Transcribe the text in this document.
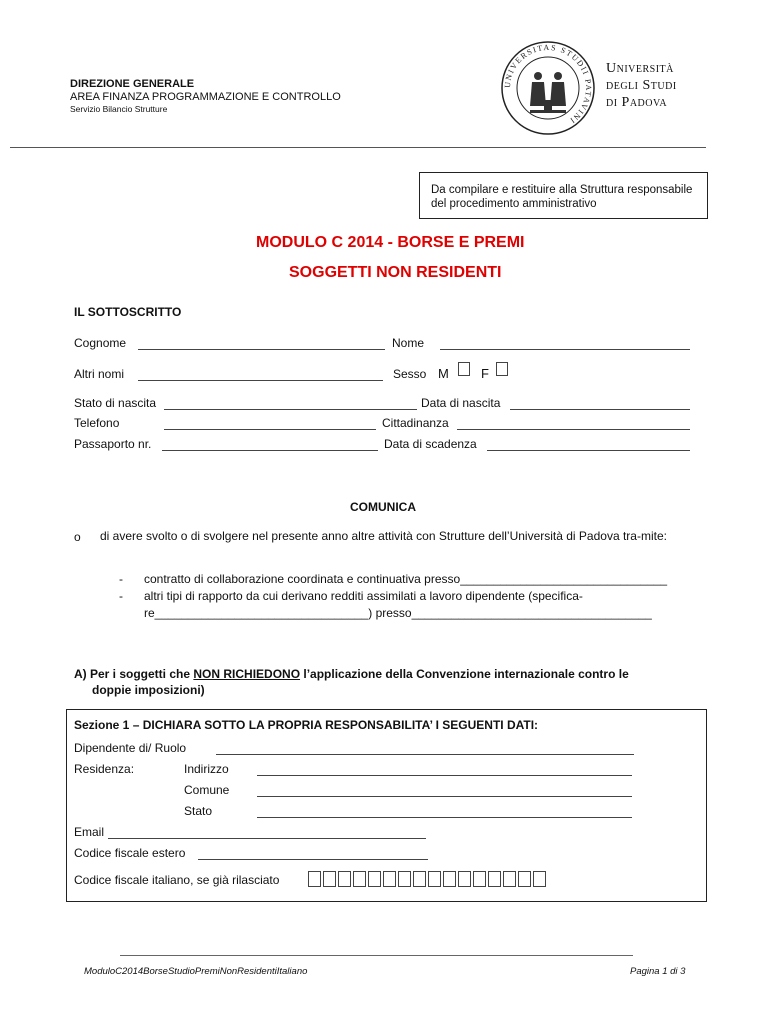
DIREZIONE GENERALE
AREA FINANZA PROGRAMMAZIONE E CONTROLLO
Servizio Bilancio Strutture
UNIVERSITAS STUDII PATAVINI
Università
degli Studi
di Padova
Da compilare e restituire alla Struttura responsabile del procedimento amministrativo
MODULO C 2014 - BORSE E PREMI
SOGGETTI NON RESIDENTI
IL SOTTOSCRITTO
Cognome	Nome
Altri nomi	Sesso M F
Stato di nascita	Data di nascita
Telefono	Cittadinanza
Passaporto nr.	Data di scadenza
COMUNICA
o di avere svolto o di svolgere nel presente anno altre attività con Strutture dell’Università di Padova tra-mite:
- contratto di collaborazione coordinata e continuativa presso_______________________________
- altri tipi di rapporto da cui derivano redditi assimilati a lavoro dipendente (specifica-
re________________________________) presso____________________________________
A) Per i soggetti che NON RICHIEDONO l’applicazione della Convenzione internazionale contro le
doppie imposizioni)
Sezione 1 – DICHIARA SOTTO LA PROPRIA RESPONSABILITA’ I SEGUENTI DATI:
Dipendente di/ Ruolo
Residenza:	Indirizzo
Comune
Stato
Email
Codice fiscale estero
Codice fiscale italiano, se già rilasciato
ModuloC2014BorseStudioPremiNonResidentiItaliano	Pagina 1 di 3
